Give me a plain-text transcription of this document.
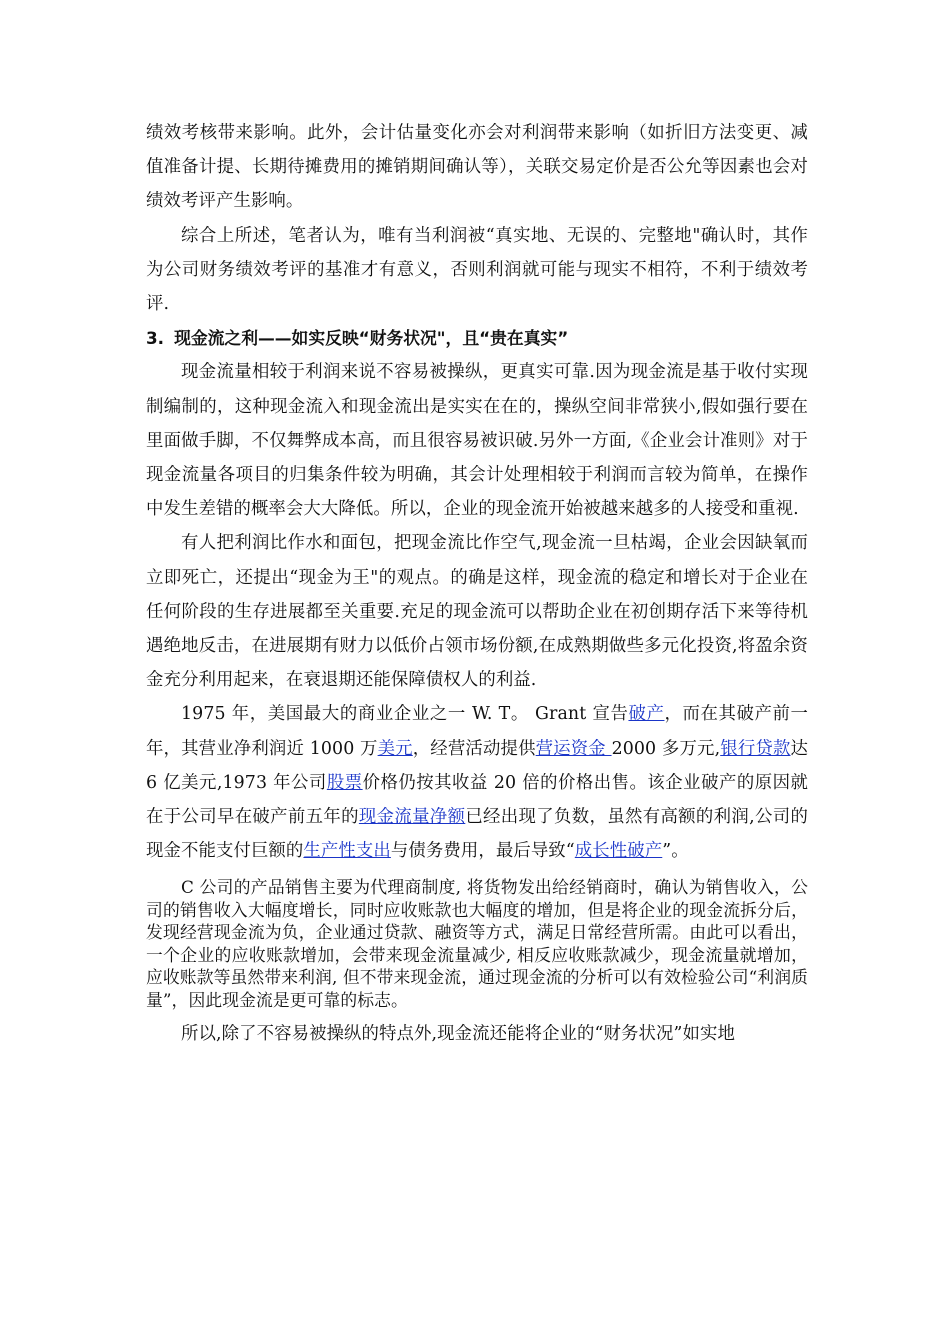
绩效考核带来影响。此外，会计估量变化亦会对利润带来影响（如折旧方法变更、减值准备计提、长期待摊费用的摊销期间确认等），关联交易定价是否公允等因素也会对绩效考评产生影响。

综合上所述，笔者认为，唯有当利润被“真实地、无误的、完整地"确认时，其作为公司财务绩效考评的基准才有意义，否则利润就可能与现实不相符，不利于绩效考评.

3. 现金流之利——如实反映“财务状况"，且“贵在真实”

现金流量相较于利润来说不容易被操纵，更真实可靠.因为现金流是基于收付实现制编制的，这种现金流入和现金流出是实实在在的，操纵空间非常狭小,假如强行要在里面做手脚，不仅舞弊成本高，而且很容易被识破.另外一方面,《企业会计准则》对于现金流量各项目的归集条件较为明确，其会计处理相较于利润而言较为简单，在操作中发生差错的概率会大大降低。所以，企业的现金流开始被越来越多的人接受和重视.

有人把利润比作水和面包，把现金流比作空气,现金流一旦枯竭，企业会因缺氧而立即死亡，还提出“现金为王"的观点。的确是这样，现金流的稳定和增长对于企业在任何阶段的生存进展都至关重要.充足的现金流可以帮助企业在初创期存活下来等待机遇绝地反击，在进展期有财力以低价占领市场份额,在成熟期做些多元化投资,将盈余资金充分利用起来，在衰退期还能保障债权人的利益.

1975 年，美国最大的商业企业之一 W. T。 Grant 宣告破产，而在其破产前一年，其营业净利润近 1000 万美元，经营活动提供营运资金 2000 多万元,银行贷款达 6 亿美元,1973 年公司股票价格仍按其收益 20 倍的价格出售。该企业破产的原因就在于公司早在破产前五年的现金流量净额已经出现了负数，虽然有高额的利润,公司的现金不能支付巨额的生产性支出与债务费用，最后导致“成长性破产”。

C 公司的产品销售主要为代理商制度, 将货物发出给经销商时，确认为销售收入，公司的销售收入大幅度增长，同时应收账款也大幅度的增加，但是将企业的现金流拆分后，发现经营现金流为负，企业通过贷款、融资等方式，满足日常经营所需。由此可以看出，一个企业的应收账款增加，会带来现金流量减少, 相反应收账款减少，现金流量就增加，应收账款等虽然带来利润, 但不带来现金流，通过现金流的分析可以有效检验公司“利润质量”，因此现金流是更可靠的标志。

所以,除了不容易被操纵的特点外,现金流还能将企业的“财务状况”如实地
